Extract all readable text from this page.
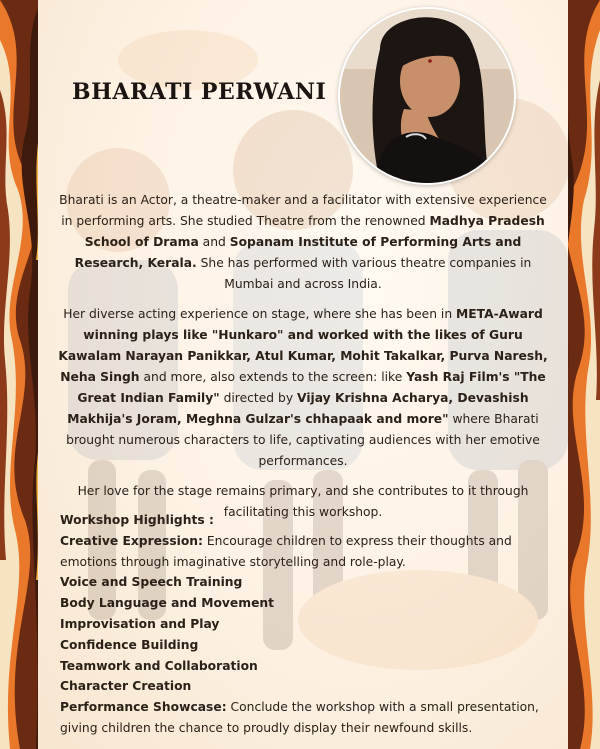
BHARATI PERWANI

Bharati is an Actor, a theatre-maker and a facilitator with extensive experience in performing arts. She studied Theatre from the renowned Madhya Pradesh School of Drama and Sopanam Institute of Performing Arts and Research, Kerala. She has performed with various theatre companies in Mumbai and across India.

Her diverse acting experience on stage, where she has been in META-Award winning plays like "Hunkaro" and worked with the likes of Guru Kawalam Narayan Panikkar, Atul Kumar, Mohit Takalkar, Purva Naresh, Neha Singh and more, also extends to the screen: like Yash Raj Film's "The Great Indian Family" directed by Vijay Krishna Acharya, Devashish Makhija's Joram, Meghna Gulzar's chhapaak and more" where Bharati brought numerous characters to life, captivating audiences with her emotive performances.

Her love for the stage remains primary, and she contributes to it through facilitating this workshop.

Workshop Highlights :
Creative Expression: Encourage children to express their thoughts and emotions through imaginative storytelling and role-play.
Voice and Speech Training
Body Language and Movement
Improvisation and Play
Confidence Building
Teamwork and Collaboration
Character Creation
Performance Showcase: Conclude the workshop with a small presentation, giving children the chance to proudly display their newfound skills.
